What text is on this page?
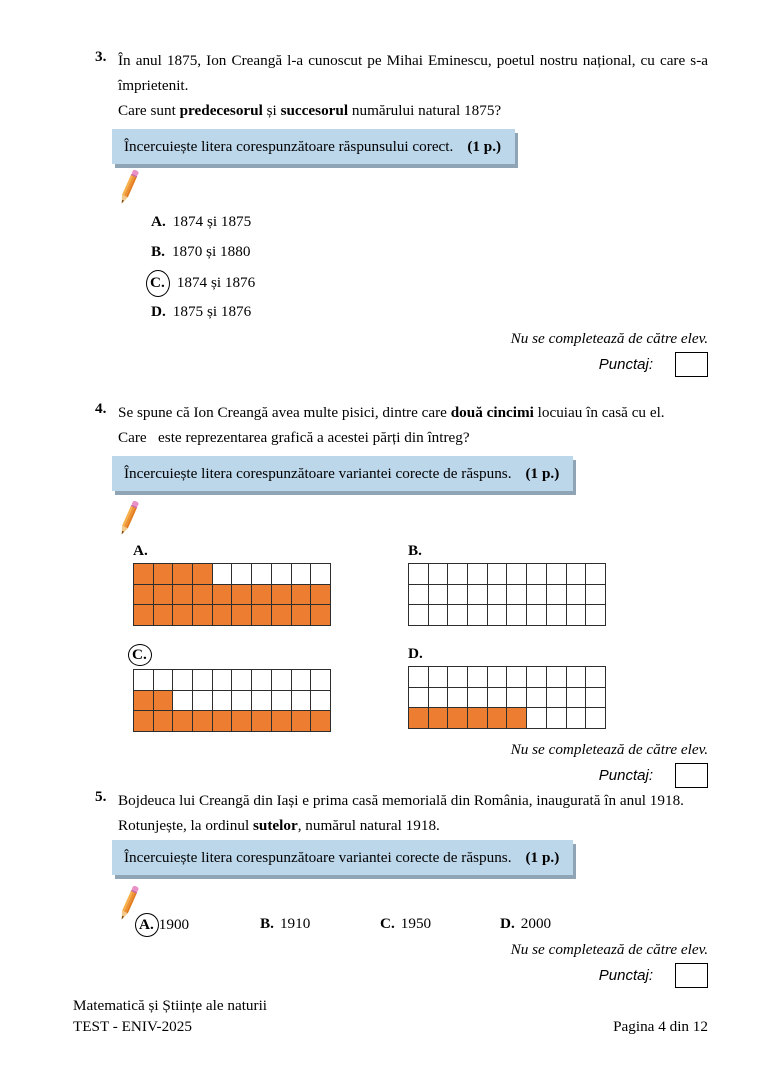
3. În anul 1875, Ion Creangă l-a cunoscut pe Mihai Eminescu, poetul nostru național, cu care s-a împrietenit.

Care sunt predecesorul și succesorul numărului natural 1875?

Încercuiește litera corespunzătoare răspunsului corect. (1 p.)
A. 1874 și 1875
B. 1870 și 1880
C. 1874 și 1876
D. 1875 și 1876

Nu se completează de către elev.

Punctaj:
4. Se spune că Ion Creangă avea multe pisici, dintre care două cincimi locuiau în casă cu el.

Care   este reprezentarea grafică a acestei părți din întreg?

Încercuiește litera corespunzătoare variantei corecte de răspuns. (1 p.)
A.	B.

C.	D.

Nu se completează de către elev.

Punctaj:
5. Bojdeuca lui Creangă din Iași e prima casă memorială din România, inaugurată în anul 1918.

Rotunjește, la ordinul sutelor, numărul natural 1918.

Încercuiește litera corespunzătoare variantei corecte de răspuns. (1 p.)
A. 1900	B. 1910	C. 1950	D. 2000

Nu se completează de către elev.

Punctaj:

Matematică și Științe ale naturii

TEST - ENIV-2025	Pagina 4 din 12
